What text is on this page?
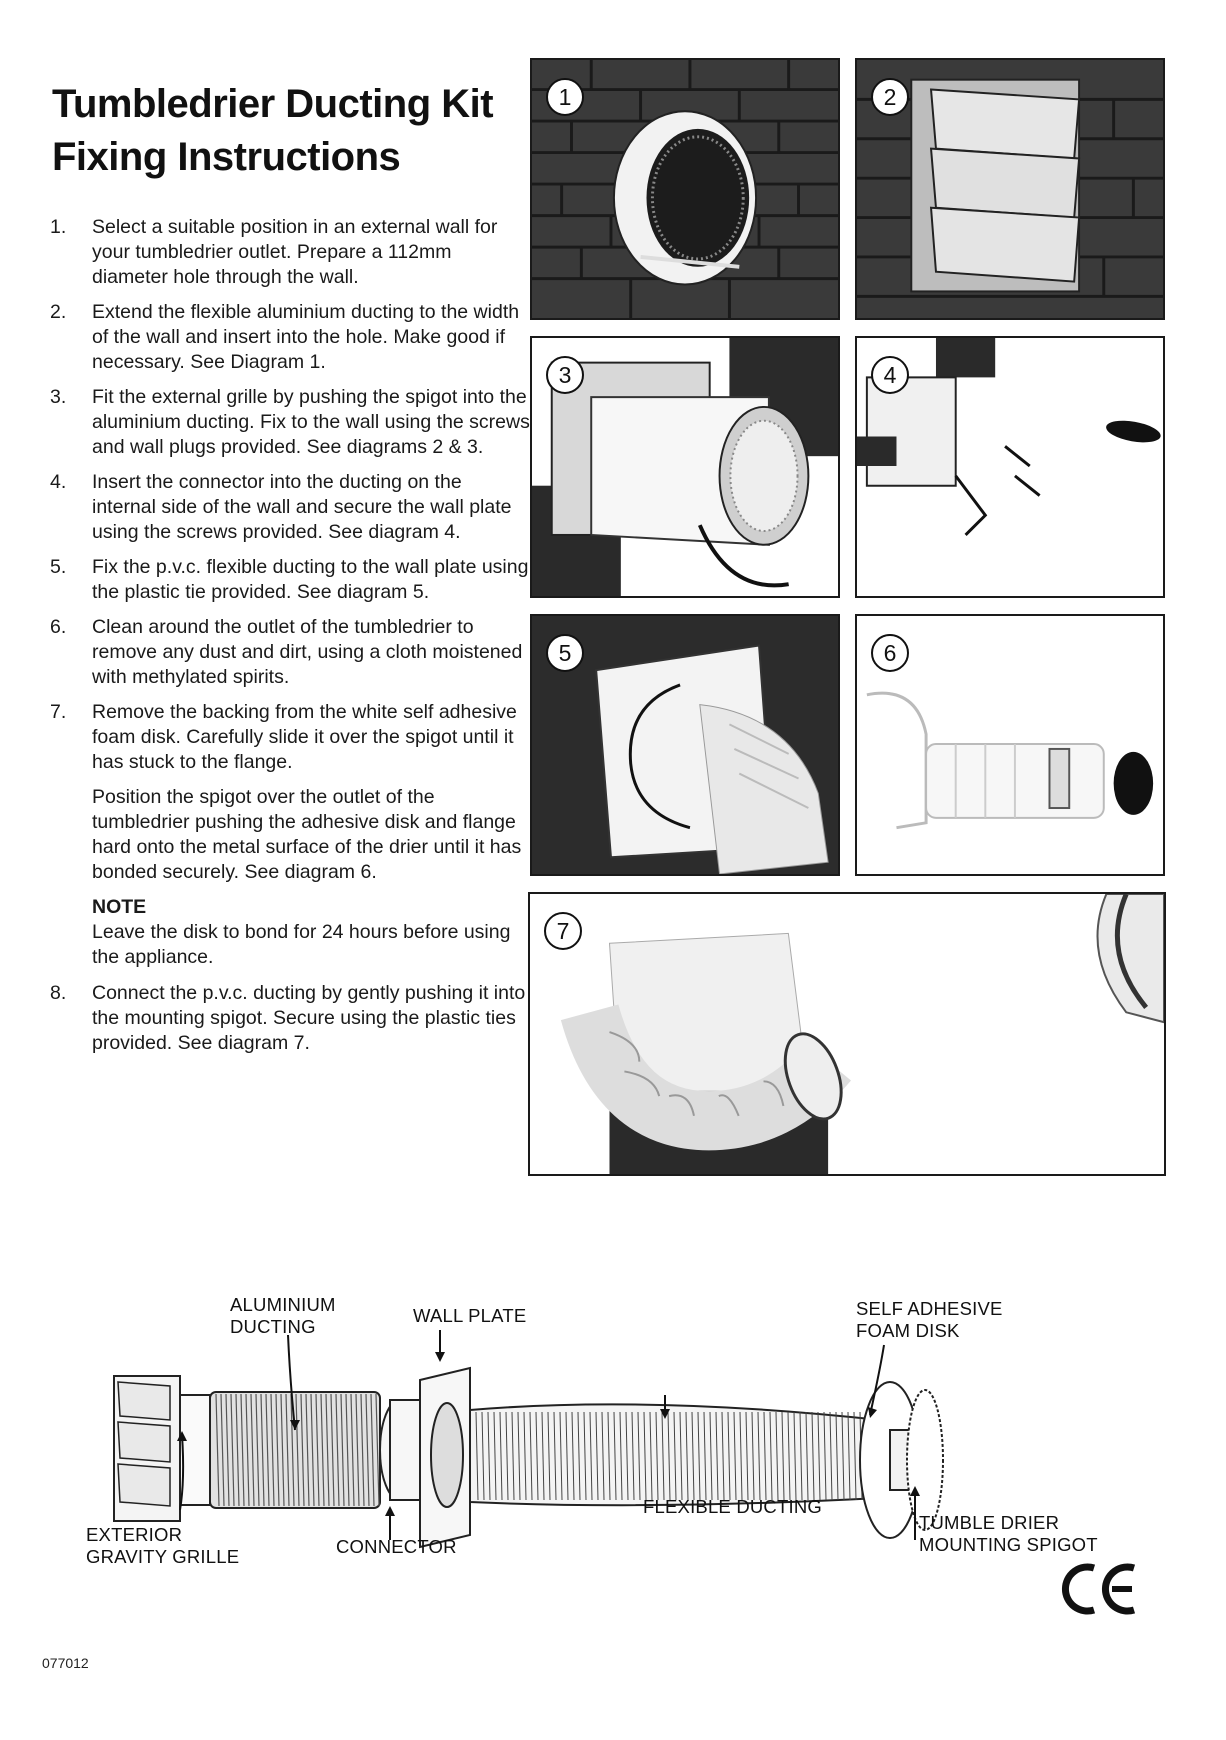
Tumbledrier Ducting Kit
Fixing Instructions
1. Select a suitable position in an external wall for your tumbledrier outlet. Prepare a 112mm diameter hole through the wall.
2. Extend the flexible aluminium ducting to the width of the wall and insert into the hole. Make good if necessary. See Diagram 1.
3. Fit the external grille by pushing the spigot into the aluminium ducting. Fix to the wall using the screws and wall plugs provided. See diagrams 2 & 3.
4. Insert the connector into the ducting on the internal side of the wall and secure the wall plate using the screws provided. See diagram 4.
5. Fix the p.v.c. flexible ducting to the wall plate using the plastic tie provided. See diagram 5.
6. Clean around the outlet of the tumbledrier to remove any dust and dirt, using a cloth moistened with methylated spirits.
7. Remove the backing from the white self adhesive foam disk. Carefully slide it over the spigot until it has stuck to the flange.
Position the spigot over the outlet of the tumbledrier pushing the adhesive disk and flange hard onto the metal surface of the drier until it has bonded securely. See diagram 6.
NOTE
Leave the disk to bond for 24 hours before using the appliance.
8. Connect the p.v.c. ducting by gently pushing it into the mounting spigot. Secure using the plastic ties provided. See diagram 7.
1	2
3	4
5	6
7
ALUMINIUM
DUCTING
WALL PLATE	SELF ADHESIVE
FOAM DISK
EXTERIOR
GRAVITY GRILLE	CONNECTOR
FLEXIBLE DUCTING
TUMBLE DRIER
MOUNTING SPIGOT
077012
